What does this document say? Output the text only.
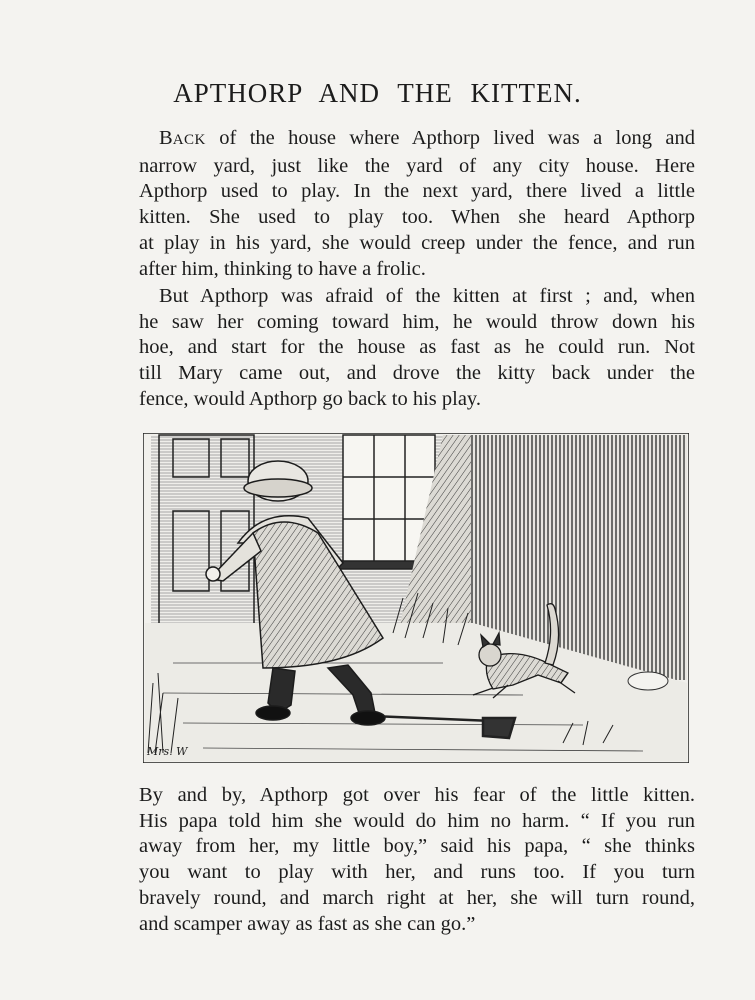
APTHORP AND THE KITTEN.
BACK of the house where Apthorp lived was a long and
narrow yard, just like the yard of any city house. Here
Apthorp used to play. In the next yard, there lived a little
kitten. She used to play too. When she heard Apthorp
at play in his yard, she would creep under the fence, and run
after him, thinking to have a frolic.
But Apthorp was afraid of the kitten at first ; and, when
he saw her coming toward him, he would throw down his
hoe, and start for the house as fast as he could run. Not
till Mary came out, and drove the kitty back under the
fence, would Apthorp go back to his play.
Mrs. W
By and by, Apthorp got over his fear of the little kitten.
His papa told him she would do him no harm. “ If you run
away from her, my little boy,” said his papa, “ she thinks
you want to play with her, and runs too. If you turn
bravely round, and march right at her, she will turn round,
and scamper away as fast as she can go.”
